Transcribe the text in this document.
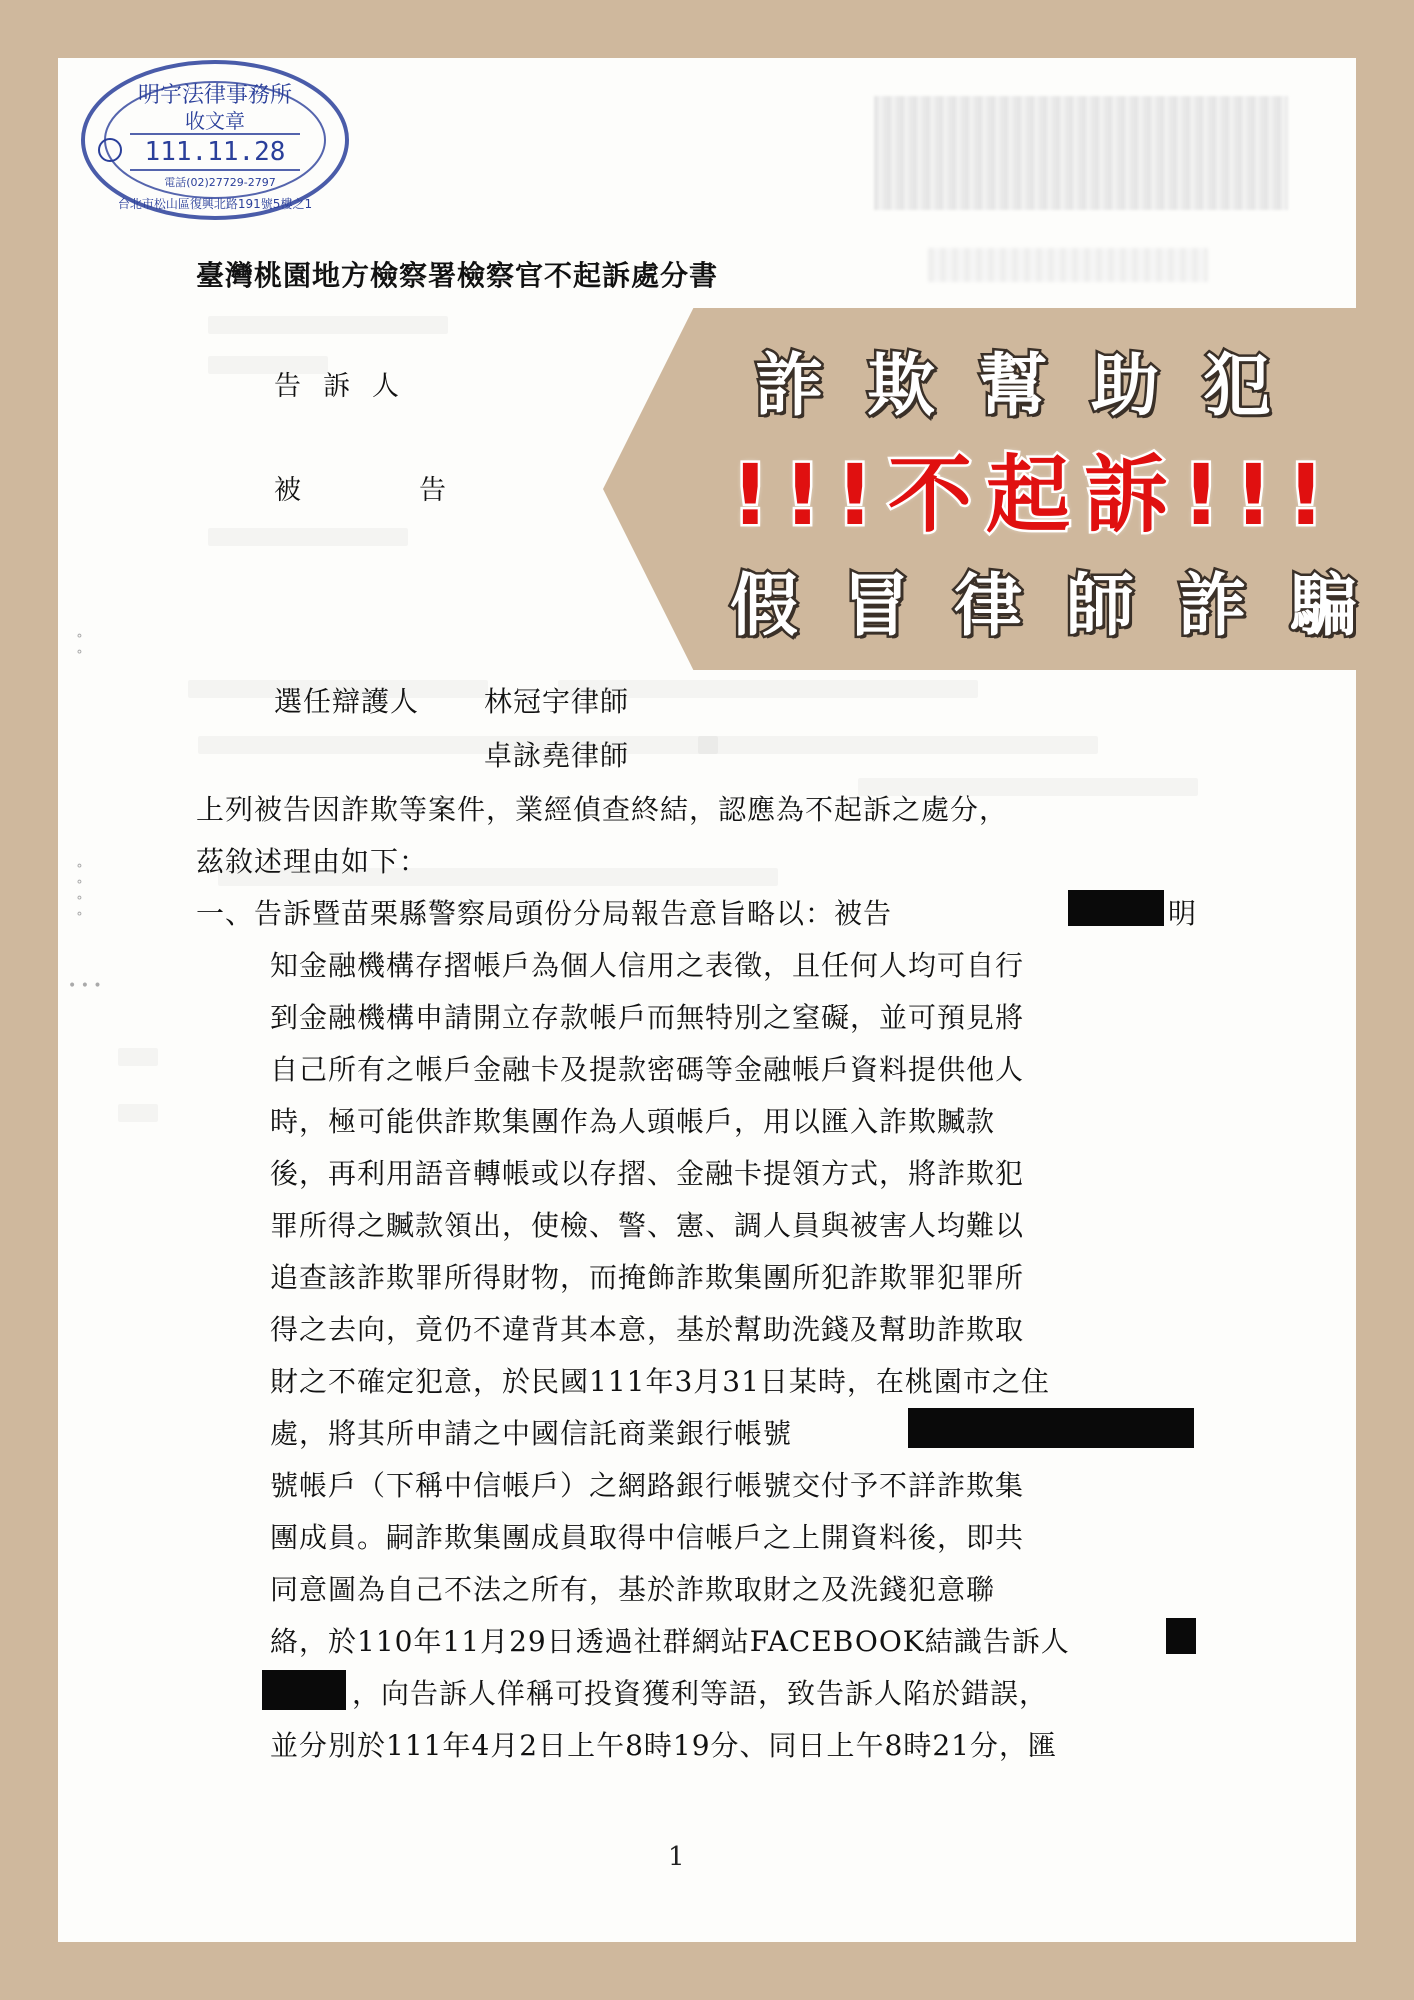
∘
∘
∘
∘
∘
∘
• • •
明宇法律事務所
收文章
111.11.28
電話(02)27729-2797
台北市松山區復興北路191號5樓之1
臺灣桃園地方檢察署檢察官不起訴處分書
告訴人
被告
選任辯護人 林冠宇律師
卓詠堯律師
上列被告因詐欺等案件，業經偵查終結，認應為不起訴之處分，
茲敘述理由如下：
一、告訴暨苗栗縣警察局頭份分局報告意旨略以：被告	明
知金融機構存摺帳戶為個人信用之表徵，且任何人均可自行
到金融機構申請開立存款帳戶而無特別之窒礙，並可預見將
自己所有之帳戶金融卡及提款密碼等金融帳戶資料提供他人
時，極可能供詐欺集團作為人頭帳戶，用以匯入詐欺贓款
後，再利用語音轉帳或以存摺、金融卡提領方式，將詐欺犯
罪所得之贓款領出，使檢、警、憲、調人員與被害人均難以
追查該詐欺罪所得財物，而掩飾詐欺集團所犯詐欺罪犯罪所
得之去向，竟仍不違背其本意，基於幫助洗錢及幫助詐欺取
財之不確定犯意，於民國111年3月31日某時，在桃園市之住
處，將其所申請之中國信託商業銀行帳號
號帳戶（下稱中信帳戶）之網路銀行帳號交付予不詳詐欺集
團成員。嗣詐欺集團成員取得中信帳戶之上開資料後，即共
同意圖為自己不法之所有，基於詐欺取財之及洗錢犯意聯
絡，於110年11月29日透過社群網站FACEBOOK結識告訴人
，向告訴人佯稱可投資獲利等語，致告訴人陷於錯誤，
並分別於111年4月2日上午8時19分、同日上午8時21分，匯
1
詐欺幫助犯
!!!不起訴!!!
假冒律師詐騙
